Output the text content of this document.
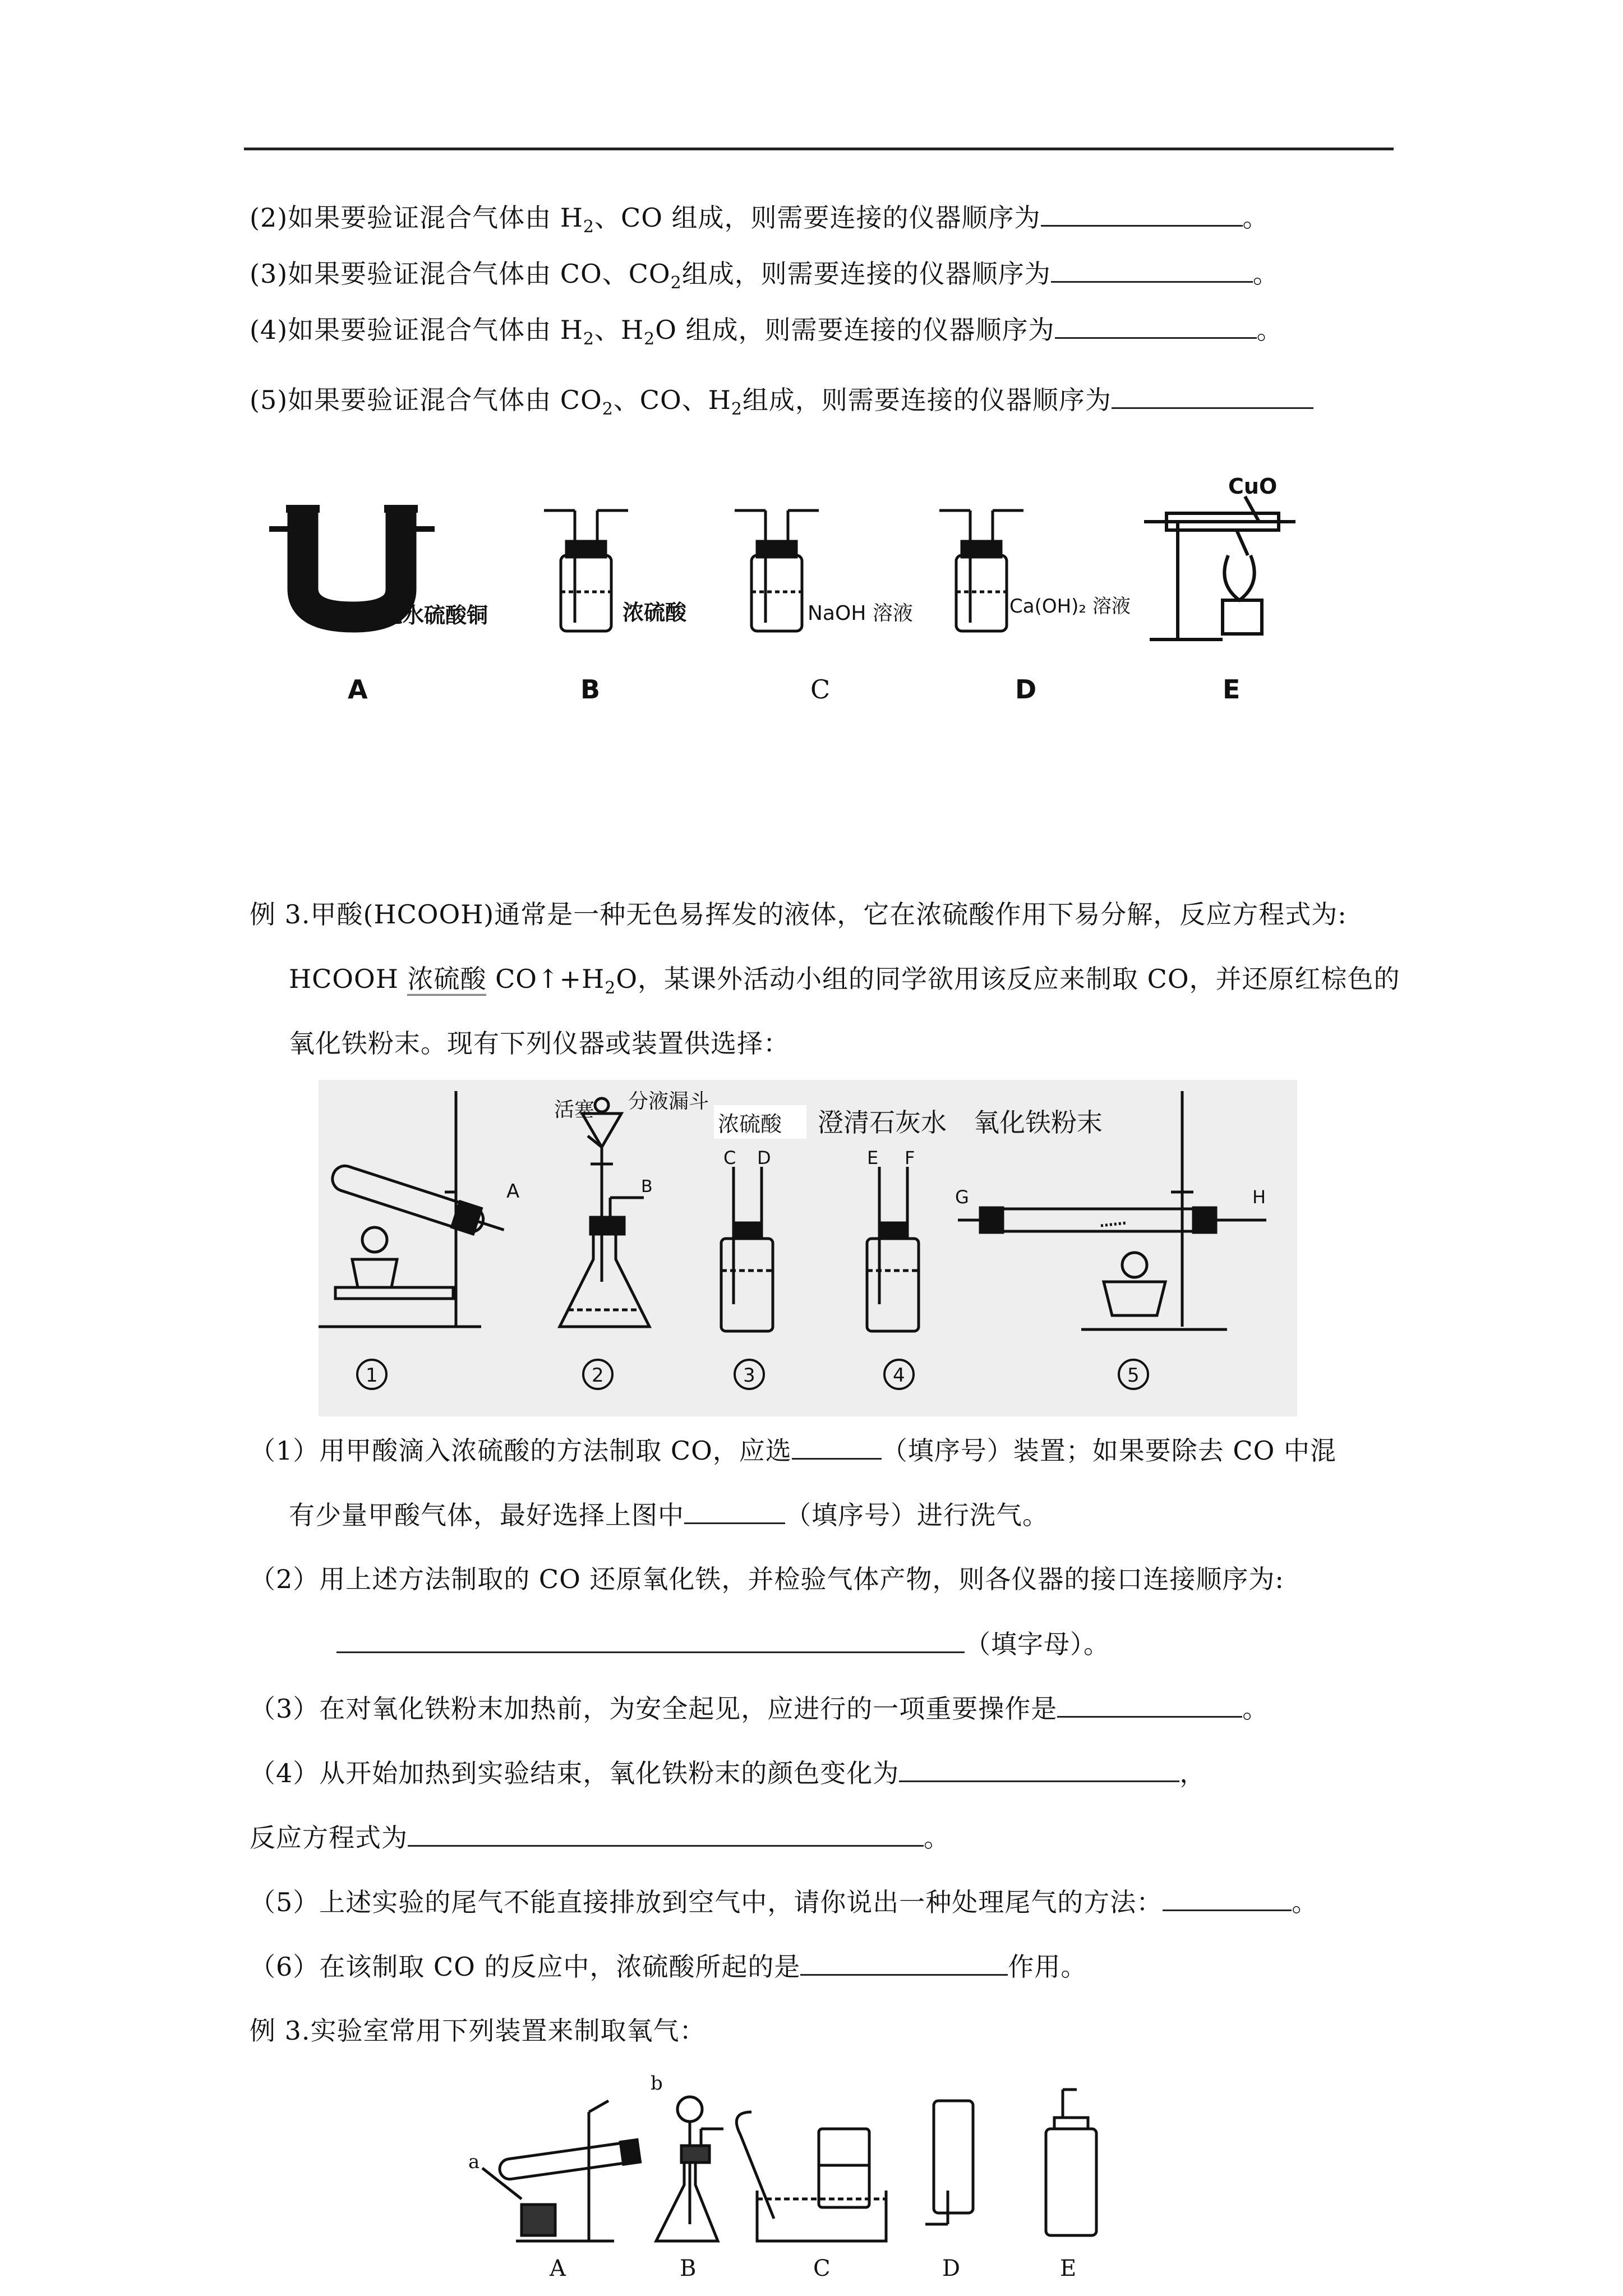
(2)如果要验证混合气体由 $H_2$、CO 组成，则需要连接的仪器顺序为	。
(3)如果要验证混合气体由 CO、$CO_2$组成，则需要连接的仪器顺序为	。
(4)如果要验证混合气体由 $H_2$、$H_2O$ 组成，则需要连接的仪器顺序为	。
(5)如果要验证混合气体由 $CO_2$、CO、$H_2$组成，则需要连接的仪器顺序为
无水硫酸铜
A
浓硫酸
B
NaOH 溶液
C
Ca(OH)₂ 溶液
D
CuO
E
例 3.甲酸(HCOOH)通常是一种无色易挥发的液体，它在浓硫酸作用下易分解，反应方程式为:
HCOOH 浓硫酸 $CO↑+H_2O$，某课外活动小组的同学欲用该反应来制取 CO，并还原红棕色的
氧化铁粉末。现有下列仪器或装置供选择：
A
1
活塞 分液漏斗
B
2
浓硫酸
C D
3
澄清石灰水
E F
4
氧化铁粉末
G	H
5
（1）用甲酸滴入浓硫酸的方法制取 CO，应选	（填序号）装置；如果要除去 CO 中混
有少量甲酸气体，最好选择上图中	（填序号）进行洗气。
（2）用上述方法制取的 CO 还原氧化铁，并检验气体产物，则各仪器的接口连接顺序为:
（填字母）。
（3）在对氧化铁粉末加热前，为安全起见，应进行的一项重要操作是	。
（4）从开始加热到实验结束，氧化铁粉末的颜色变化为	，
反应方程式为	。
（5）上述实验的尾气不能直接排放到空气中，请你说出一种处理尾气的方法：	。
（6）在该制取 CO 的反应中，浓硫酸所起的是	作用。
例 3.实验室常用下列装置来制取氧气：
a
A
b
B	C	D	E
